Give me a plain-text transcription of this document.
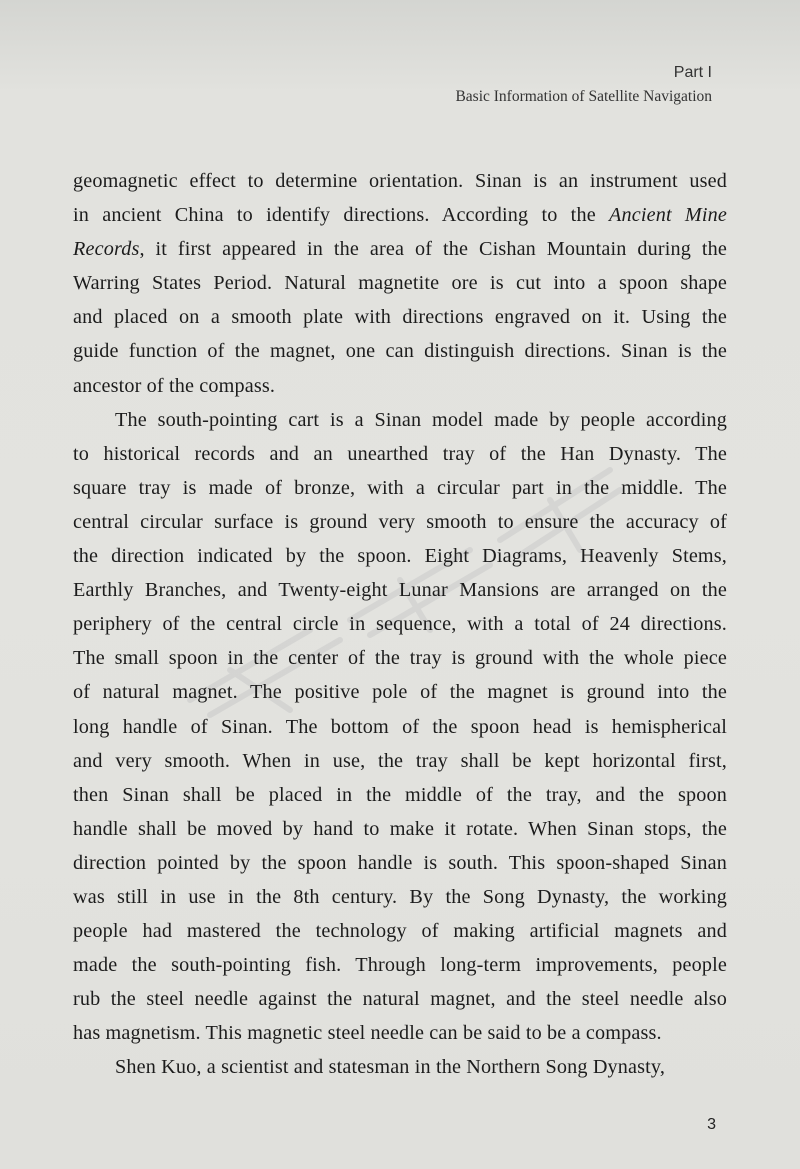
Part I
Basic Information of Satellite Navigation

geomagnetic effect to determine orientation. Sinan is an instrument used
in ancient China to identify directions. According to the Ancient Mine
Records, it first appeared in the area of the Cishan Mountain during the
Warring States Period. Natural magnetite ore is cut into a spoon shape
and placed on a smooth plate with directions engraved on it. Using the
guide function of the magnet, one can distinguish directions. Sinan is the
ancestor of the compass.

The south-pointing cart is a Sinan model made by people according
to historical records and an unearthed tray of the Han Dynasty. The
square tray is made of bronze, with a circular part in the middle. The
central circular surface is ground very smooth to ensure the accuracy of
the direction indicated by the spoon. Eight Diagrams, Heavenly Stems,
Earthly Branches, and Twenty-eight Lunar Mansions are arranged on the
periphery of the central circle in sequence, with a total of 24 directions.
The small spoon in the center of the tray is ground with the whole piece
of natural magnet. The positive pole of the magnet is ground into the
long handle of Sinan. The bottom of the spoon head is hemispherical
and very smooth. When in use, the tray shall be kept horizontal first,
then Sinan shall be placed in the middle of the tray, and the spoon
handle shall be moved by hand to make it rotate. When Sinan stops, the
direction pointed by the spoon handle is south. This spoon-shaped Sinan
was still in use in the 8th century. By the Song Dynasty, the working
people had mastered the technology of making artificial magnets and
made the south-pointing fish. Through long-term improvements, people
rub the steel needle against the natural magnet, and the steel needle also
has magnetism. This magnetic steel needle can be said to be a compass.

Shen Kuo, a scientist and statesman in the Northern Song Dynasty,

3
